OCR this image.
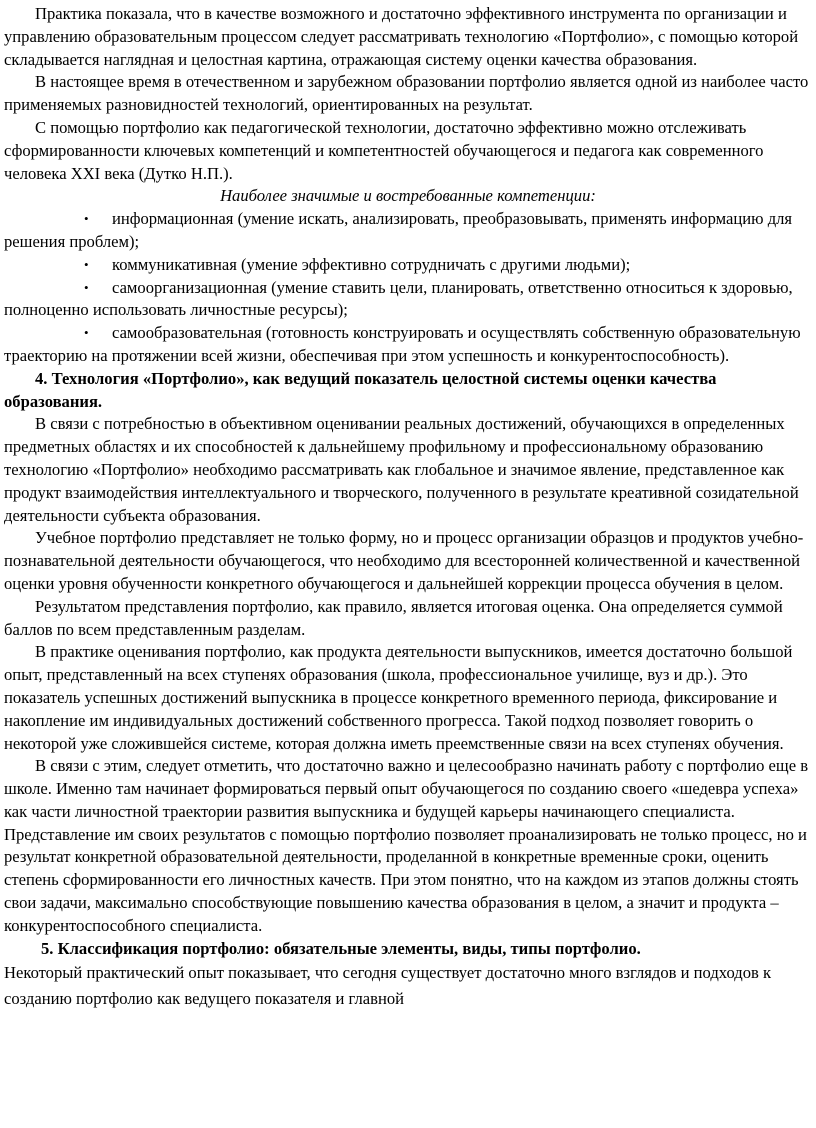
Практика показала, что в качестве возможного и достаточно эффективного инструмента по организации и управлению образовательным процессом следует рассматривать технологию «Портфолио», с помощью которой складывается наглядная и целостная картина, отражающая систему оценки качества образования.

В настоящее время в отечественном и зарубежном образовании портфолио является одной из наиболее часто применяемых разновидностей технологий, ориентированных на результат.

С помощью портфолио как педагогической технологии, достаточно эффективно можно отслеживать сформированности ключевых компетенций и компетентностей обучающегося и педагога как современного человека XXI века (Дутко Н.П.).

Наиболее значимые и востребованные компетенции:

• информационная (умение искать, анализировать, преобразовывать, применять информацию для решения проблем);

• коммуникативная (умение эффективно сотрудничать с другими людьми);

• самоорганизационная (умение ставить цели, планировать, ответственно относиться к здоровью, полноценно использовать личностные ресурсы);

• самообразовательная (готовность конструировать и осуществлять собственную образовательную траекторию на протяжении всей жизни, обеспечивая при этом успешность и конкурентоспособность).

4. Технология «Портфолио», как ведущий показатель целостной системы оценки качества образования.

В связи с потребностью в объективном оценивании реальных достижений, обучающихся в определенных предметных областях и их способностей к дальнейшему профильному и профессиональному образованию технологию «Портфолио» необходимо рассматривать как глобальное и значимое явление, представленное как продукт взаимодействия интеллектуального и творческого, полученного в результате креативной созидательной деятельности субъекта образования.

Учебное портфолио представляет не только форму, но и процесс организации образцов и продуктов учебно-познавательной деятельности обучающегося, что необходимо для всесторонней количественной и качественной оценки уровня обученности конкретного обучающегося и дальнейшей коррекции процесса обучения в целом.

Результатом представления портфолио, как правило, является итоговая оценка. Она определяется суммой баллов по всем представленным разделам.

В практике оценивания портфолио, как продукта деятельности выпускников, имеется достаточно большой опыт, представленный на всех ступенях образования (школа, профессиональное училище, вуз и др.). Это показатель успешных достижений выпускника в процессе конкретного временного периода, фиксирование и накопление им индивидуальных достижений собственного прогресса. Такой подход позволяет говорить о некоторой уже сложившейся системе, которая должна иметь преемственные связи на всех ступенях обучения.

В связи с этим, следует отметить, что достаточно важно и целесообразно начинать работу с портфолио еще в школе. Именно там начинает формироваться первый опыт обучающегося по созданию своего «шедевра успеха» как части личностной траектории развития выпускника и будущей карьеры начинающего специалиста. Представление им своих результатов с помощью портфолио позволяет проанализировать не только процесс, но и результат конкретной образовательной деятельности, проделанной в конкретные временные сроки, оценить степень сформированности его личностных качеств. При этом понятно, что на каждом из этапов должны стоять свои задачи, максимально способствующие повышению качества образования в целом, а значит и продукта – конкурентоспособного специалиста.

5. Классификация портфолио: обязательные элементы, виды, типы портфолио.

Некоторый практический опыт показывает, что сегодня существует достаточно много взглядов и подходов к созданию портфолио как ведущего показателя и главной
